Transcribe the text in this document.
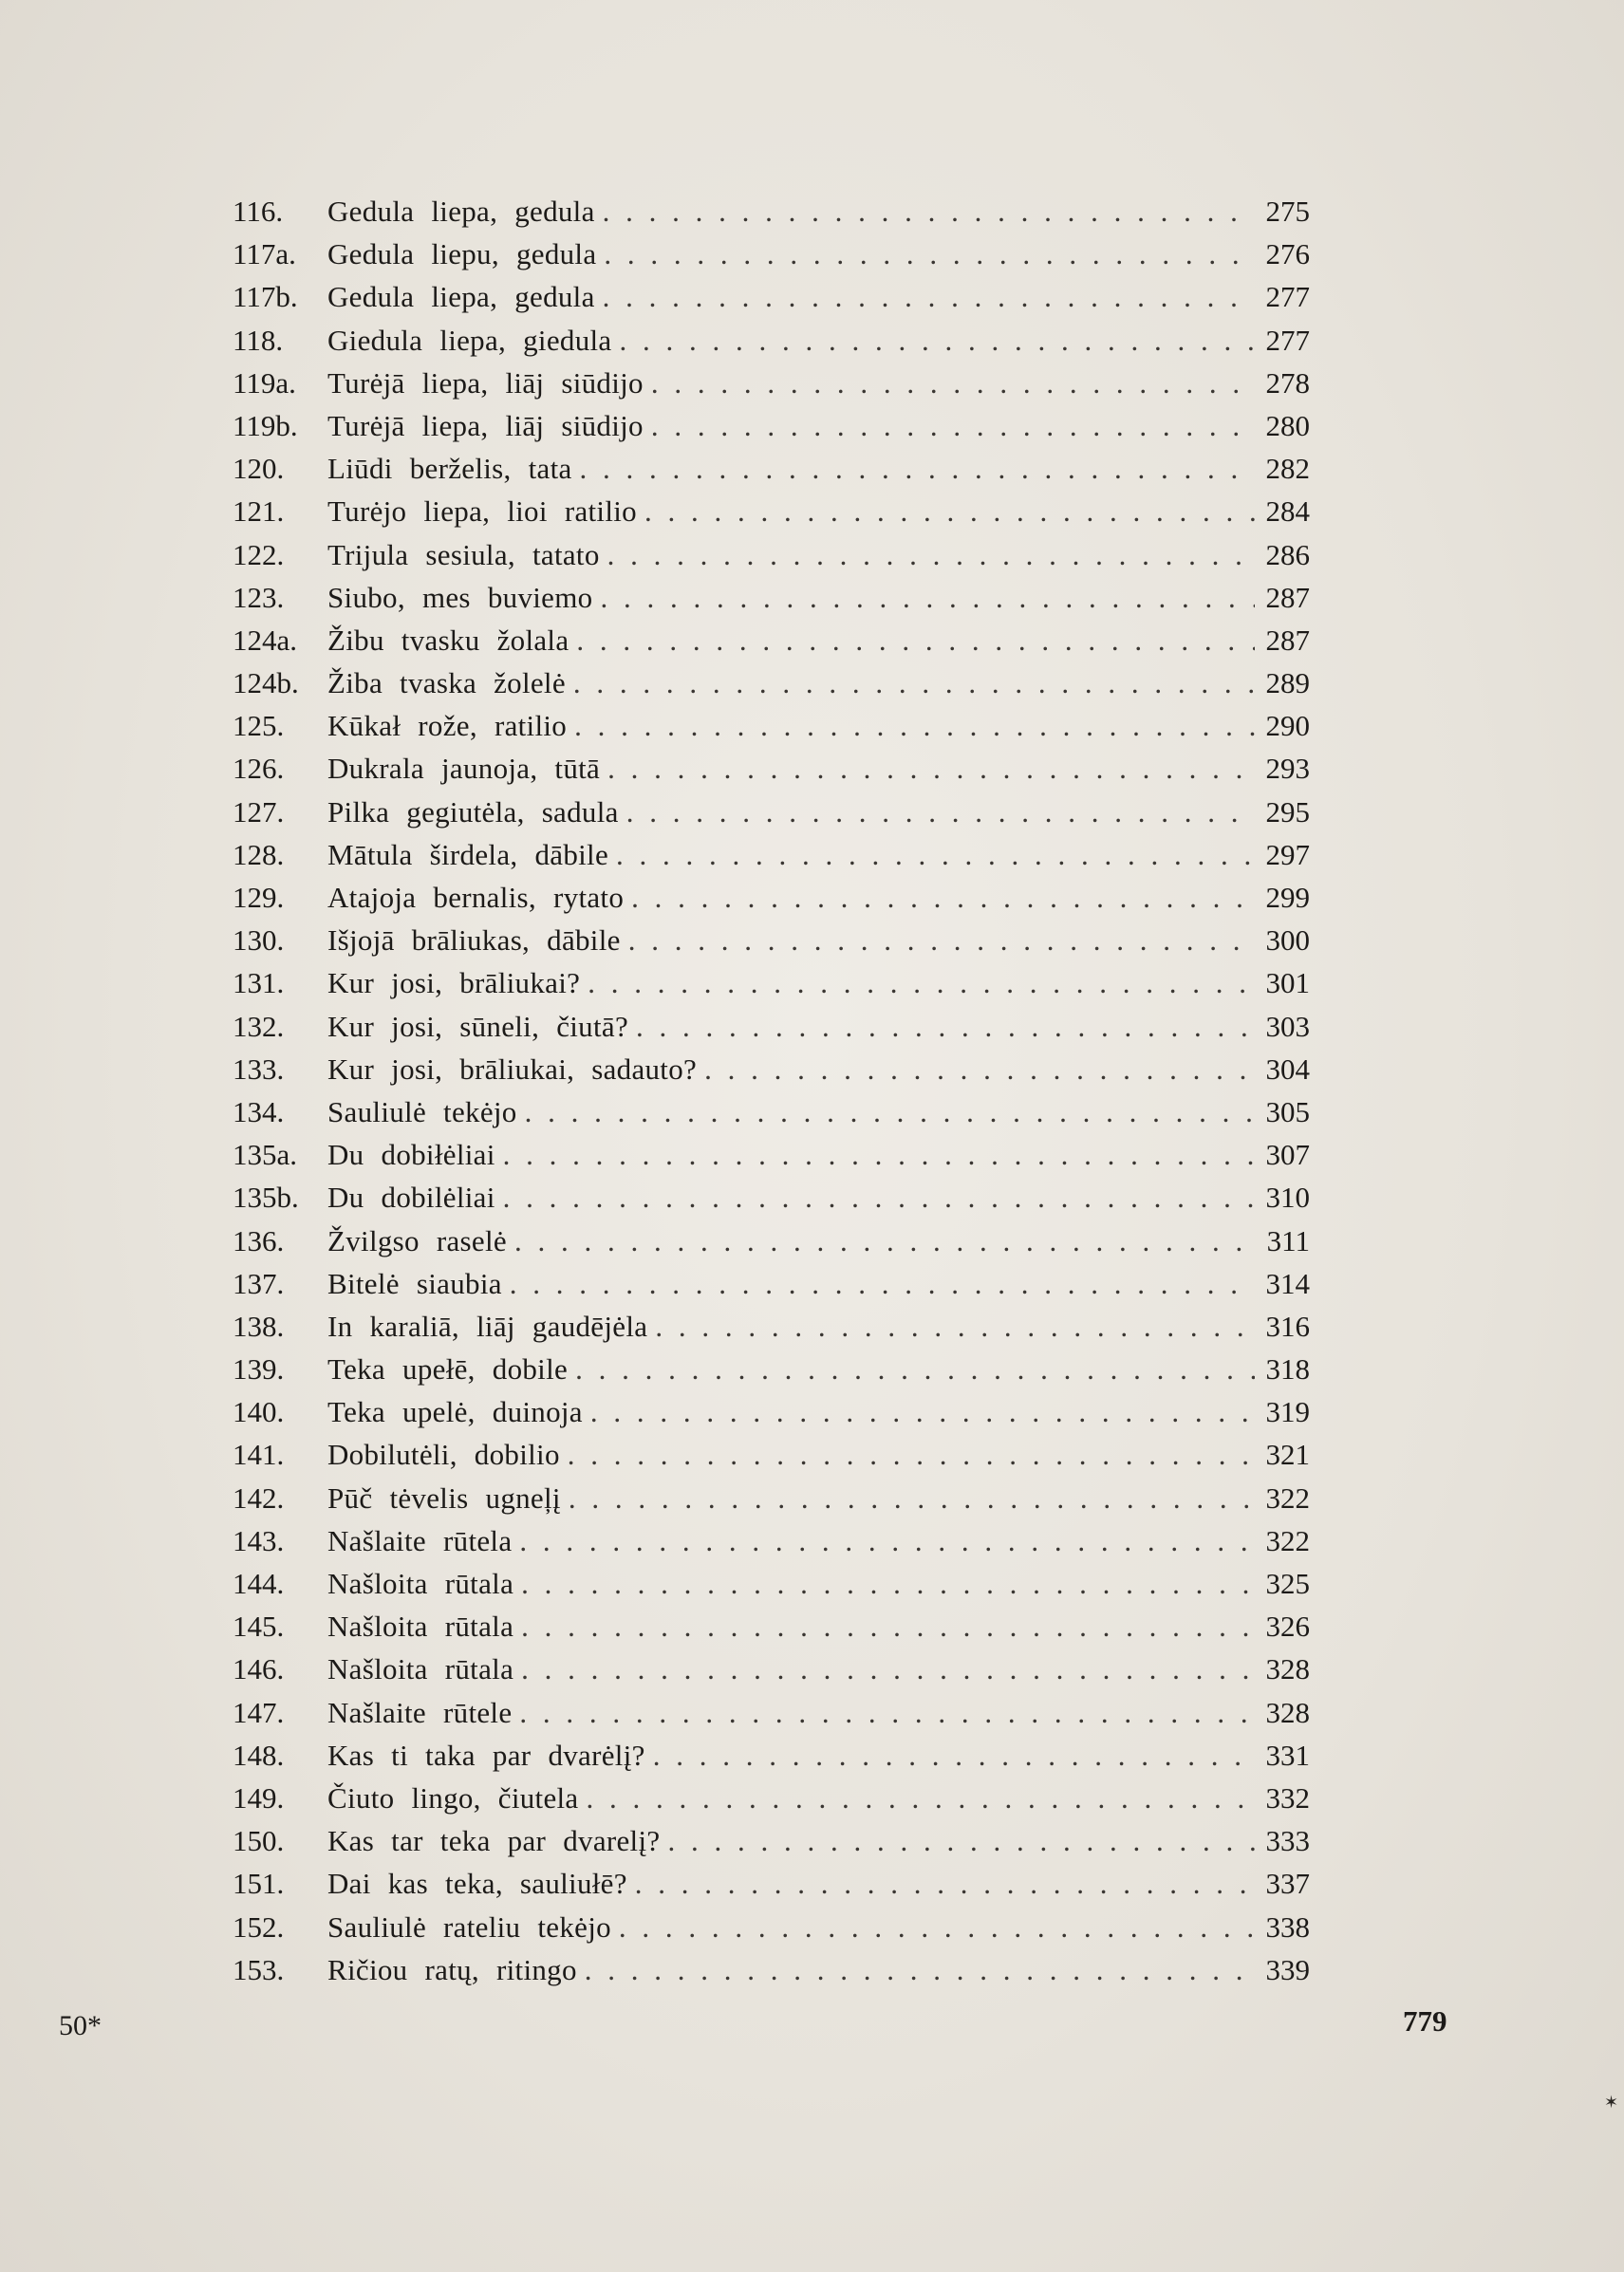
116.	Gedula liepa, gedula . . .	275
117a.	Gedula liepu, gedula . . .	276
117b.	Gedula liepa, gedula . . .	277
118.	Giedula liepa, giedula . . .	277
119a.	Turėjā liepa, liāj siūdijo . . .	278
119b.	Turėjā liepa, liāj siūdijo . . .	280
120.	Liūdi berželis, tata . . .	282
121.	Turėjo liepa, lioi ratilio . . .	284
122.	Trijula sesiula, tatato . . .	286
123.	Siubo, mes buviemo . . .	287
124a.	Žibu tvasku žolala . . .	287
124b. Žiba tvaska žolelė . . .	289
125.	Kūkał rože, ratilio . . .	290
126.	Dukrala jaunoja, tūtā . . .	293
127.	Pilka gegiutėla, sadula . . .	295
128.	Mātula širdela, dābile . . .	297
129.	Atajoja bernalis, rytato . . .	299
130.	Išjojā brāliukas, dābile . . .	300
131.	Kur josi, brāliukai? . . .	301
132.	Kur josi, sūneli, čiutā? . . .	303
133.	Kur josi, brāliukai, sadauto? . . .	304
134.	Sauliulė tekėjo . . .	305
135a.	Du dobiłėliai . . .	307
135b. Du dobilėliai . . .	310
136.	Žvilgso raselė . . .	311
137.	Bitelė siaubia . . .	314
138.	In karaliā, liāj gaudējėla . . .	316
139.	Teka upełē, dobile . . .	318
140.	Teka upelė, duinoja . . .	319
141.	Dobilutėli, dobilio . . .	321
142.	Pūč tėvelis ugneļį . . .	322
143.	Našlaite rūtela . . .	322
144.	Našloita rūtala . . .	325
145.	Našloita rūtala . . .	326
146.	Našloita rūtala . . .	328
147.	Našlaite rūtele . . .	328
148.	Kas ti taka par dvarėlį? . . .	331
149.	Čiuto lingo, čiutela . . .	332
150.	Kas tar teka par dvarelį? . . .	333
151.	Dai kas teka, sauliułē? . . .	337
152.	Sauliulė rateliu tekėjo . . .	338
153.	Ričiou ratų, ritingo . . .	339
50*	779
✶
